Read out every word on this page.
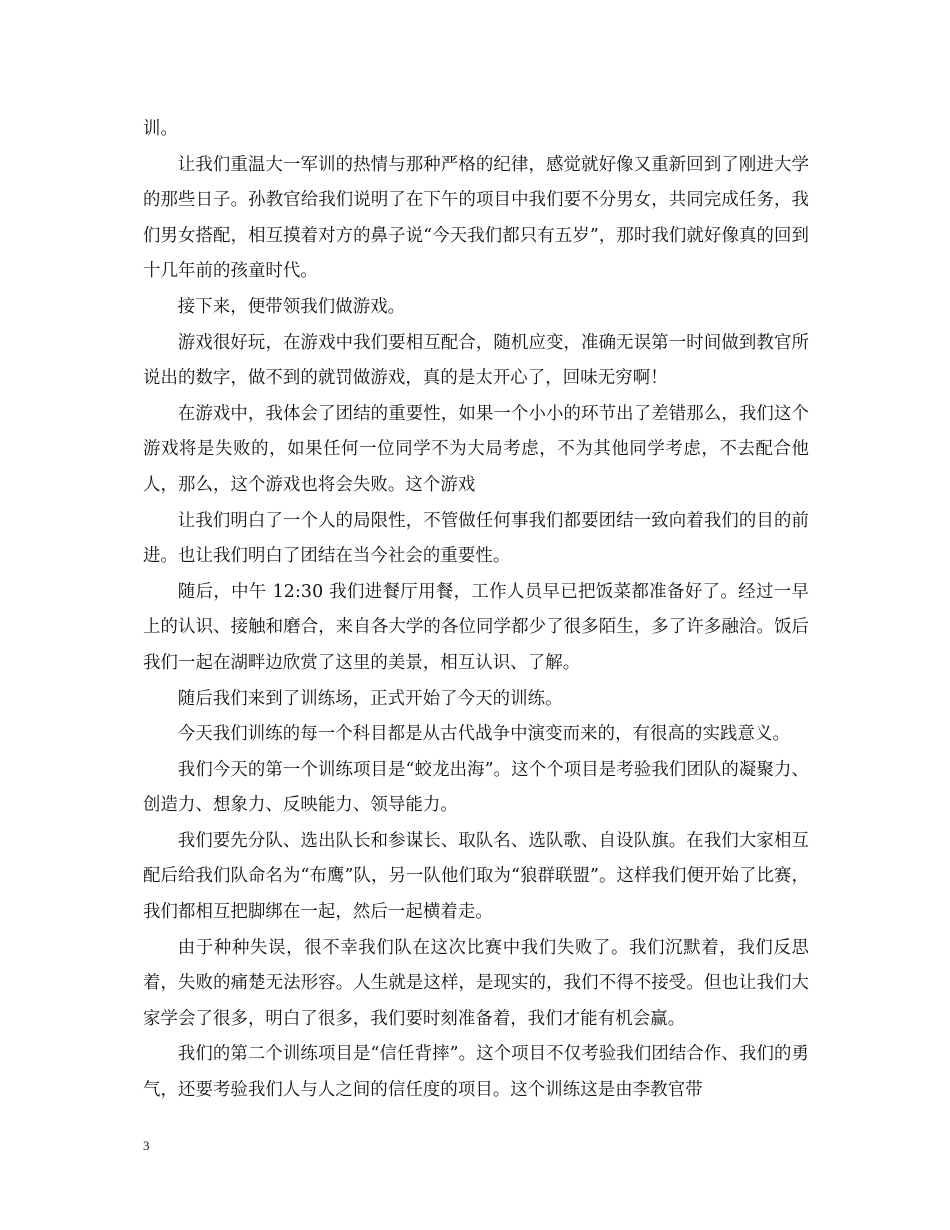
训。

让我们重温大一军训的热情与那种严格的纪律，感觉就好像又重新回到了刚进大学的那些日子。孙教官给我们说明了在下午的项目中我们要不分男女，共同完成任务，我们男女搭配，相互摸着对方的鼻子说“今天我们都只有五岁”，那时我们就好像真的回到十几年前的孩童时代。

接下来，便带领我们做游戏。

游戏很好玩，在游戏中我们要相互配合，随机应变，准确无误第一时间做到教官所说出的数字，做不到的就罚做游戏，真的是太开心了，回味无穷啊！

在游戏中，我体会了团结的重要性，如果一个小小的环节出了差错那么，我们这个游戏将是失败的，如果任何一位同学不为大局考虑，不为其他同学考虑，不去配合他人，那么，这个游戏也将会失败。这个游戏

让我们明白了一个人的局限性，不管做任何事我们都要团结一致向着我们的目的前进。也让我们明白了团结在当今社会的重要性。

随后，中午 12:30 我们进餐厅用餐，工作人员早已把饭菜都准备好了。经过一早上的认识、接触和磨合，来自各大学的各位同学都少了很多陌生，多了许多融洽。饭后我们一起在湖畔边欣赏了这里的美景，相互认识、了解。

随后我们来到了训练场，正式开始了今天的训练。

今天我们训练的每一个科目都是从古代战争中演变而来的，有很高的实践意义。

我们今天的第一个训练项目是“蛟龙出海”。这个个项目是考验我们团队的凝聚力、创造力、想象力、反映能力、领导能力。

我们要先分队、选出队长和参谋长、取队名、选队歌、自设队旗。在我们大家相互配后给我们队命名为“布鹰”队，另一队他们取为“狼群联盟”。这样我们便开始了比赛，我们都相互把脚绑在一起，然后一起横着走。

由于种种失误，很不幸我们队在这次比赛中我们失败了。我们沉默着，我们反思着，失败的痛楚无法形容。人生就是这样，是现实的，我们不得不接受。但也让我们大家学会了很多，明白了很多，我们要时刻准备着，我们才能有机会赢。

我们的第二个训练项目是“信任背摔”。这个项目不仅考验我们团结合作、我们的勇气，还要考验我们人与人之间的信任度的项目。这个训练这是由李教官带

3
